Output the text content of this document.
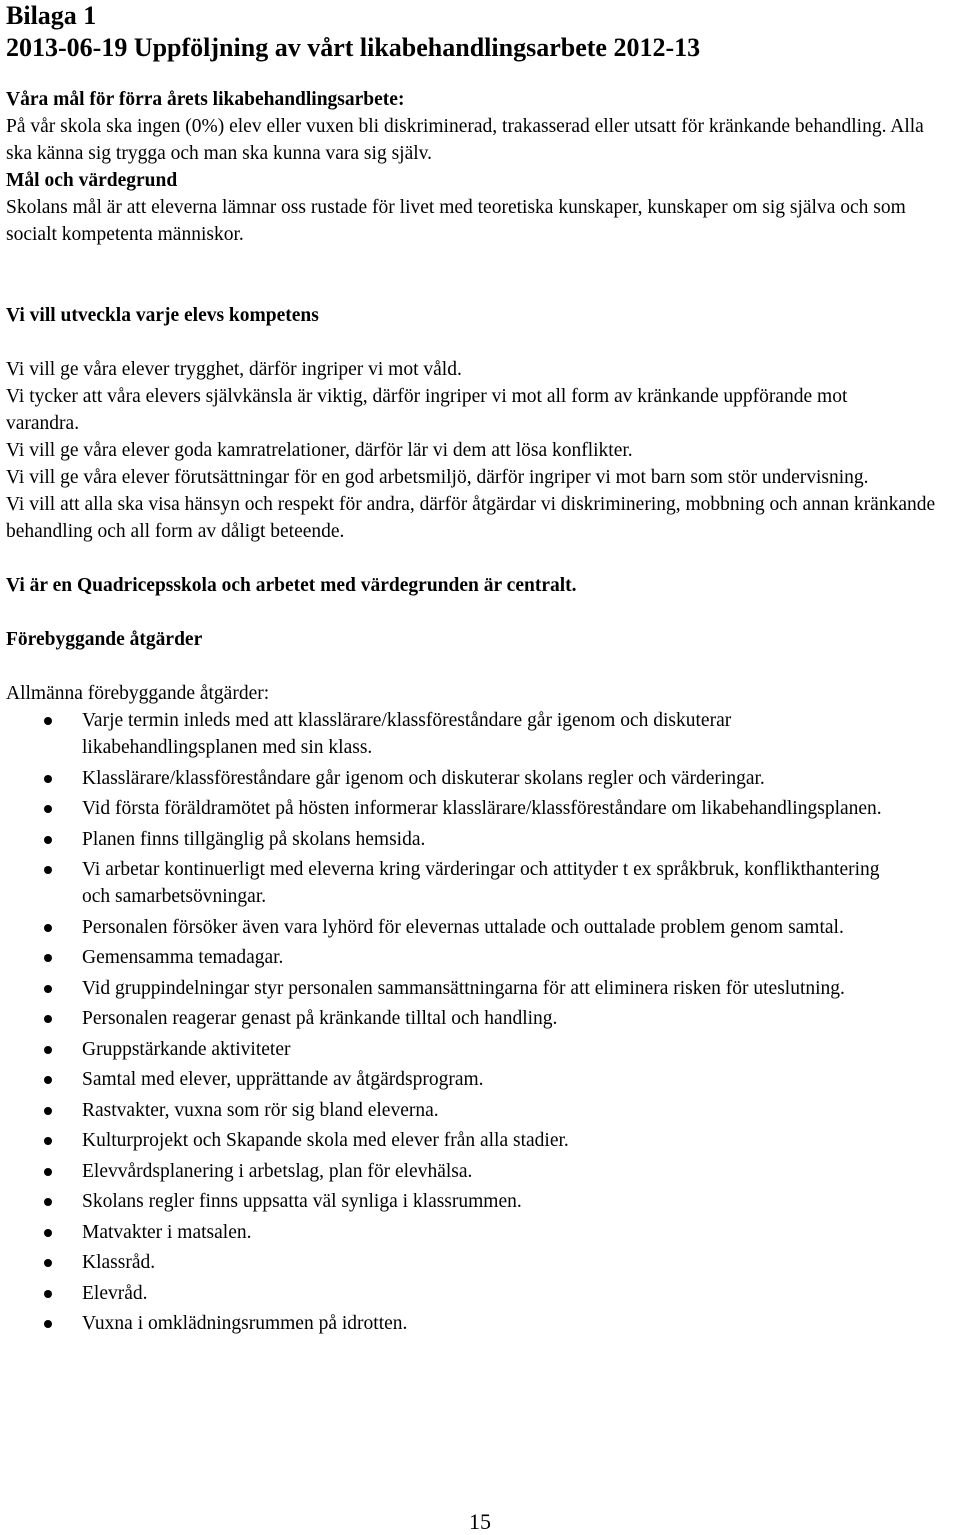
Bilaga 1
2013-06-19 Uppföljning av vårt likabehandlingsarbete 2012-13

Våra mål för förra årets likabehandlingsarbete:

På vår skola ska ingen (0%) elev eller vuxen bli diskriminerad, trakasserad eller utsatt för kränkande behandling. Alla ska känna sig trygga och man ska kunna vara sig själv.

Mål och värdegrund

Skolans mål är att eleverna lämnar oss rustade för livet med teoretiska kunskaper, kunskaper om sig själva och som socialt kompetenta människor.

Vi vill utveckla varje elevs kompetens

Vi vill ge våra elever trygghet, därför ingriper vi mot våld.

Vi tycker att våra elevers självkänsla är viktig, därför ingriper vi mot all form av kränkande uppförande mot varandra.

Vi vill ge våra elever goda kamratrelationer, därför lär vi dem att lösa konflikter.

Vi vill ge våra elever förutsättningar för en god arbetsmiljö, därför ingriper vi mot barn som stör undervisning.

Vi vill att alla ska visa hänsyn och respekt för andra, därför åtgärdar vi diskriminering, mobbning och annan kränkande behandling och all form av dåligt beteende.

Vi är en Quadricepsskola och arbetet med värdegrunden är centralt.

Förebyggande åtgärder

Allmänna förebyggande åtgärder:

Varje termin inleds med att klasslärare/klassföreståndare går igenom och diskuterar likabehandlingsplanen med sin klass.
Klasslärare/klassföreståndare går igenom och diskuterar skolans regler och värderingar.
Vid första föräldramötet på hösten informerar klasslärare/klassföreståndare om likabehandlingsplanen.
Planen finns tillgänglig på skolans hemsida.
Vi arbetar kontinuerligt med eleverna kring värderingar och attityder t ex språkbruk, konflikthantering och samarbetsövningar.
Personalen försöker även vara lyhörd för elevernas uttalade och outtalade problem genom samtal.
Gemensamma temadagar.
Vid gruppindelningar styr personalen sammansättningarna för att eliminera risken för uteslutning.
Personalen reagerar genast på kränkande tilltal och handling.
Gruppstärkande aktiviteter
Samtal med elever, upprättande av åtgärdsprogram.
Rastvakter, vuxna som rör sig bland eleverna.
Kulturprojekt och Skapande skola med elever från alla stadier.
Elevvårdsplanering i arbetslag, plan för elevhälsa.
Skolans regler finns uppsatta väl synliga i klassrummen.
Matvakter i matsalen.
Klassråd.
Elevråd.
Vuxna i omklädningsrummen på idrotten.
15
